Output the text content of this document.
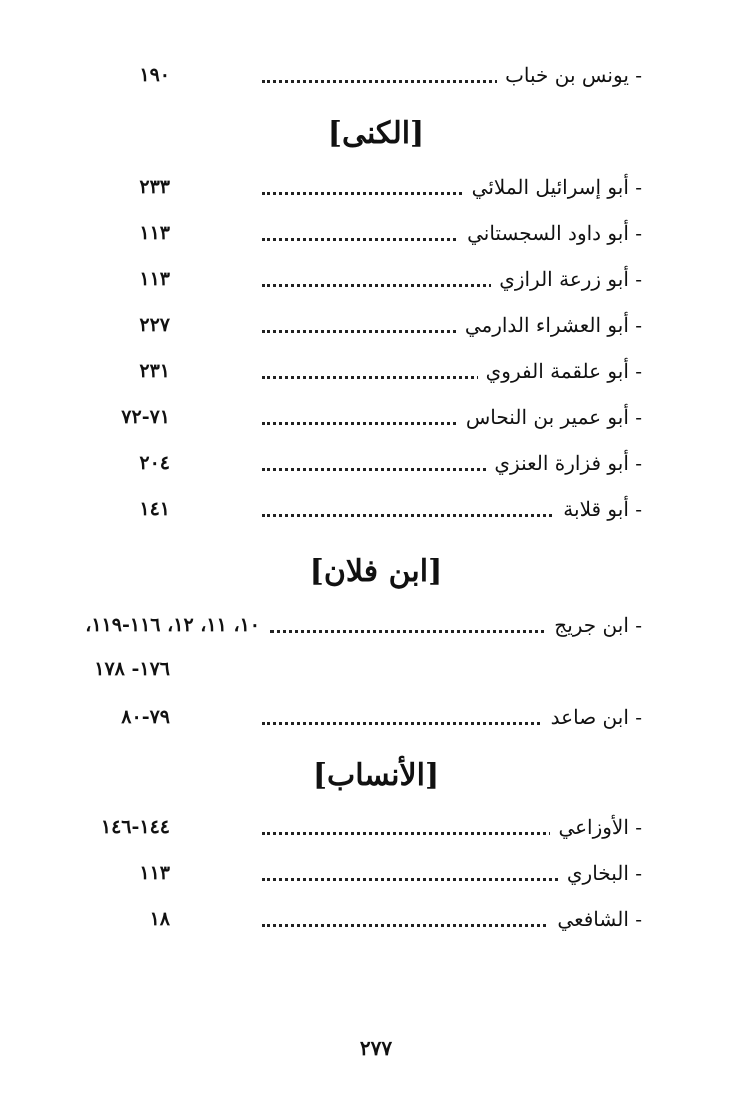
- يونس بن خباب
١٩٠
[الكنى]
- أبو إسرائيل الملائي
٢٣٣
- أبو داود السجستاني
١١٣
- أبو زرعة الرازي
١١٣
- أبو العشراء الدارمي
٢٢٧
- أبو علقمة الفروي
٢٣١
- أبو عمير بن النحاس
٧١-٧٢
- أبو فزارة العنزي
٢٠٤
- أبو قلابة
١٤١
[ابن فلان]
- ابن جريج
١٠، ١١، ١٢، ١١٦-١١٩،
١٧٦- ١٧٨
- ابن صاعد
٧٩-٨٠
[الأنساب]
- الأوزاعي
١٤٤-١٤٦
- البخاري
١١٣
- الشافعي
١٨
٢٧٧
